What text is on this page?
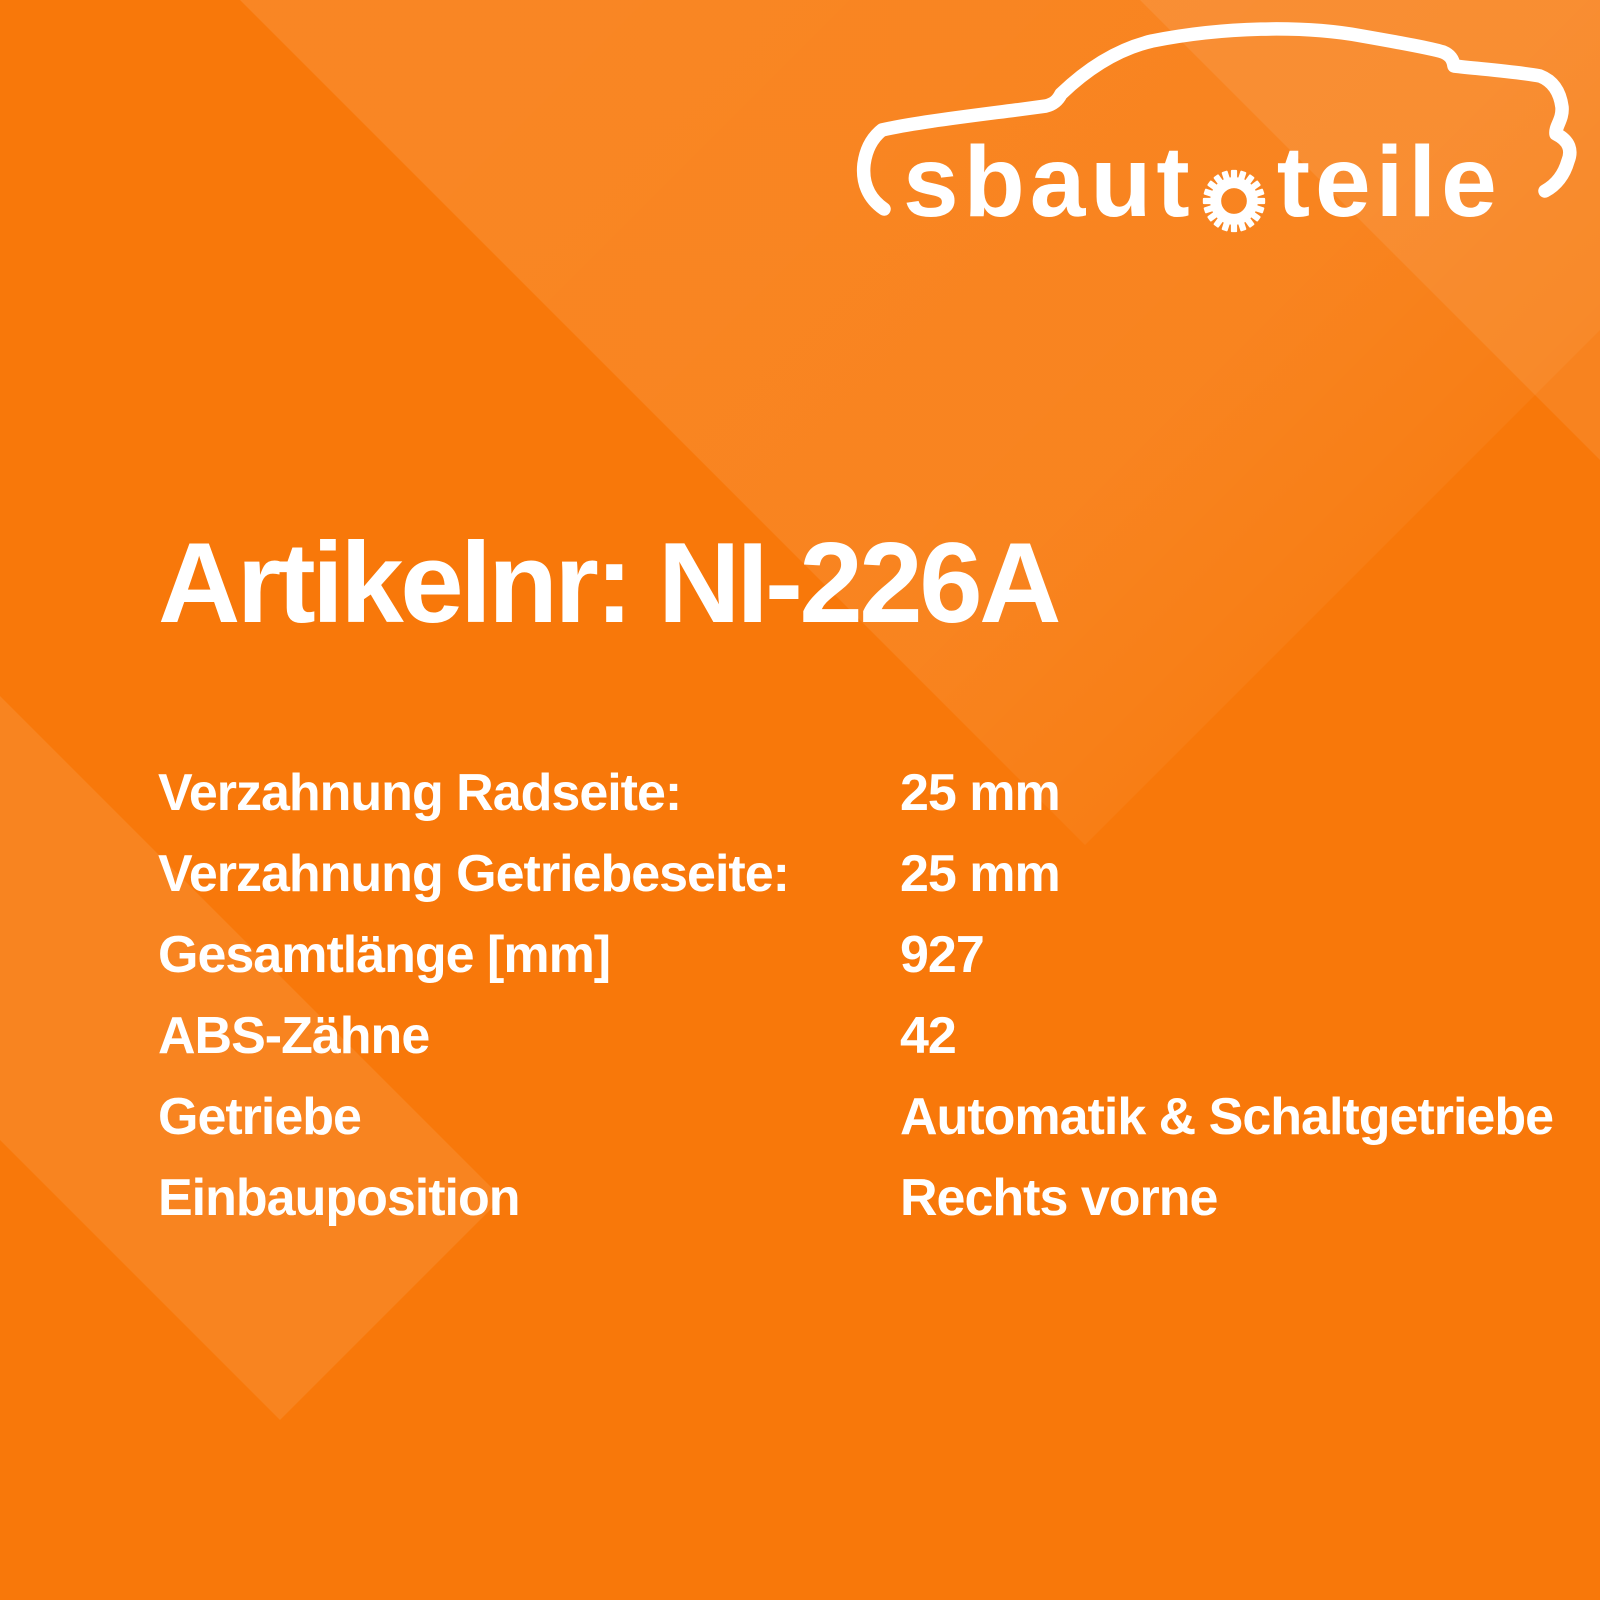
sbaut teile
Artikelnr: NI-226A
Verzahnung Radseite:	25 mm
Verzahnung Getriebeseite:	25 mm
Gesamtlänge [mm]	927
ABS-Zähne	42
Getriebe	Automatik & Schaltgetriebe
Einbauposition	Rechts vorne
